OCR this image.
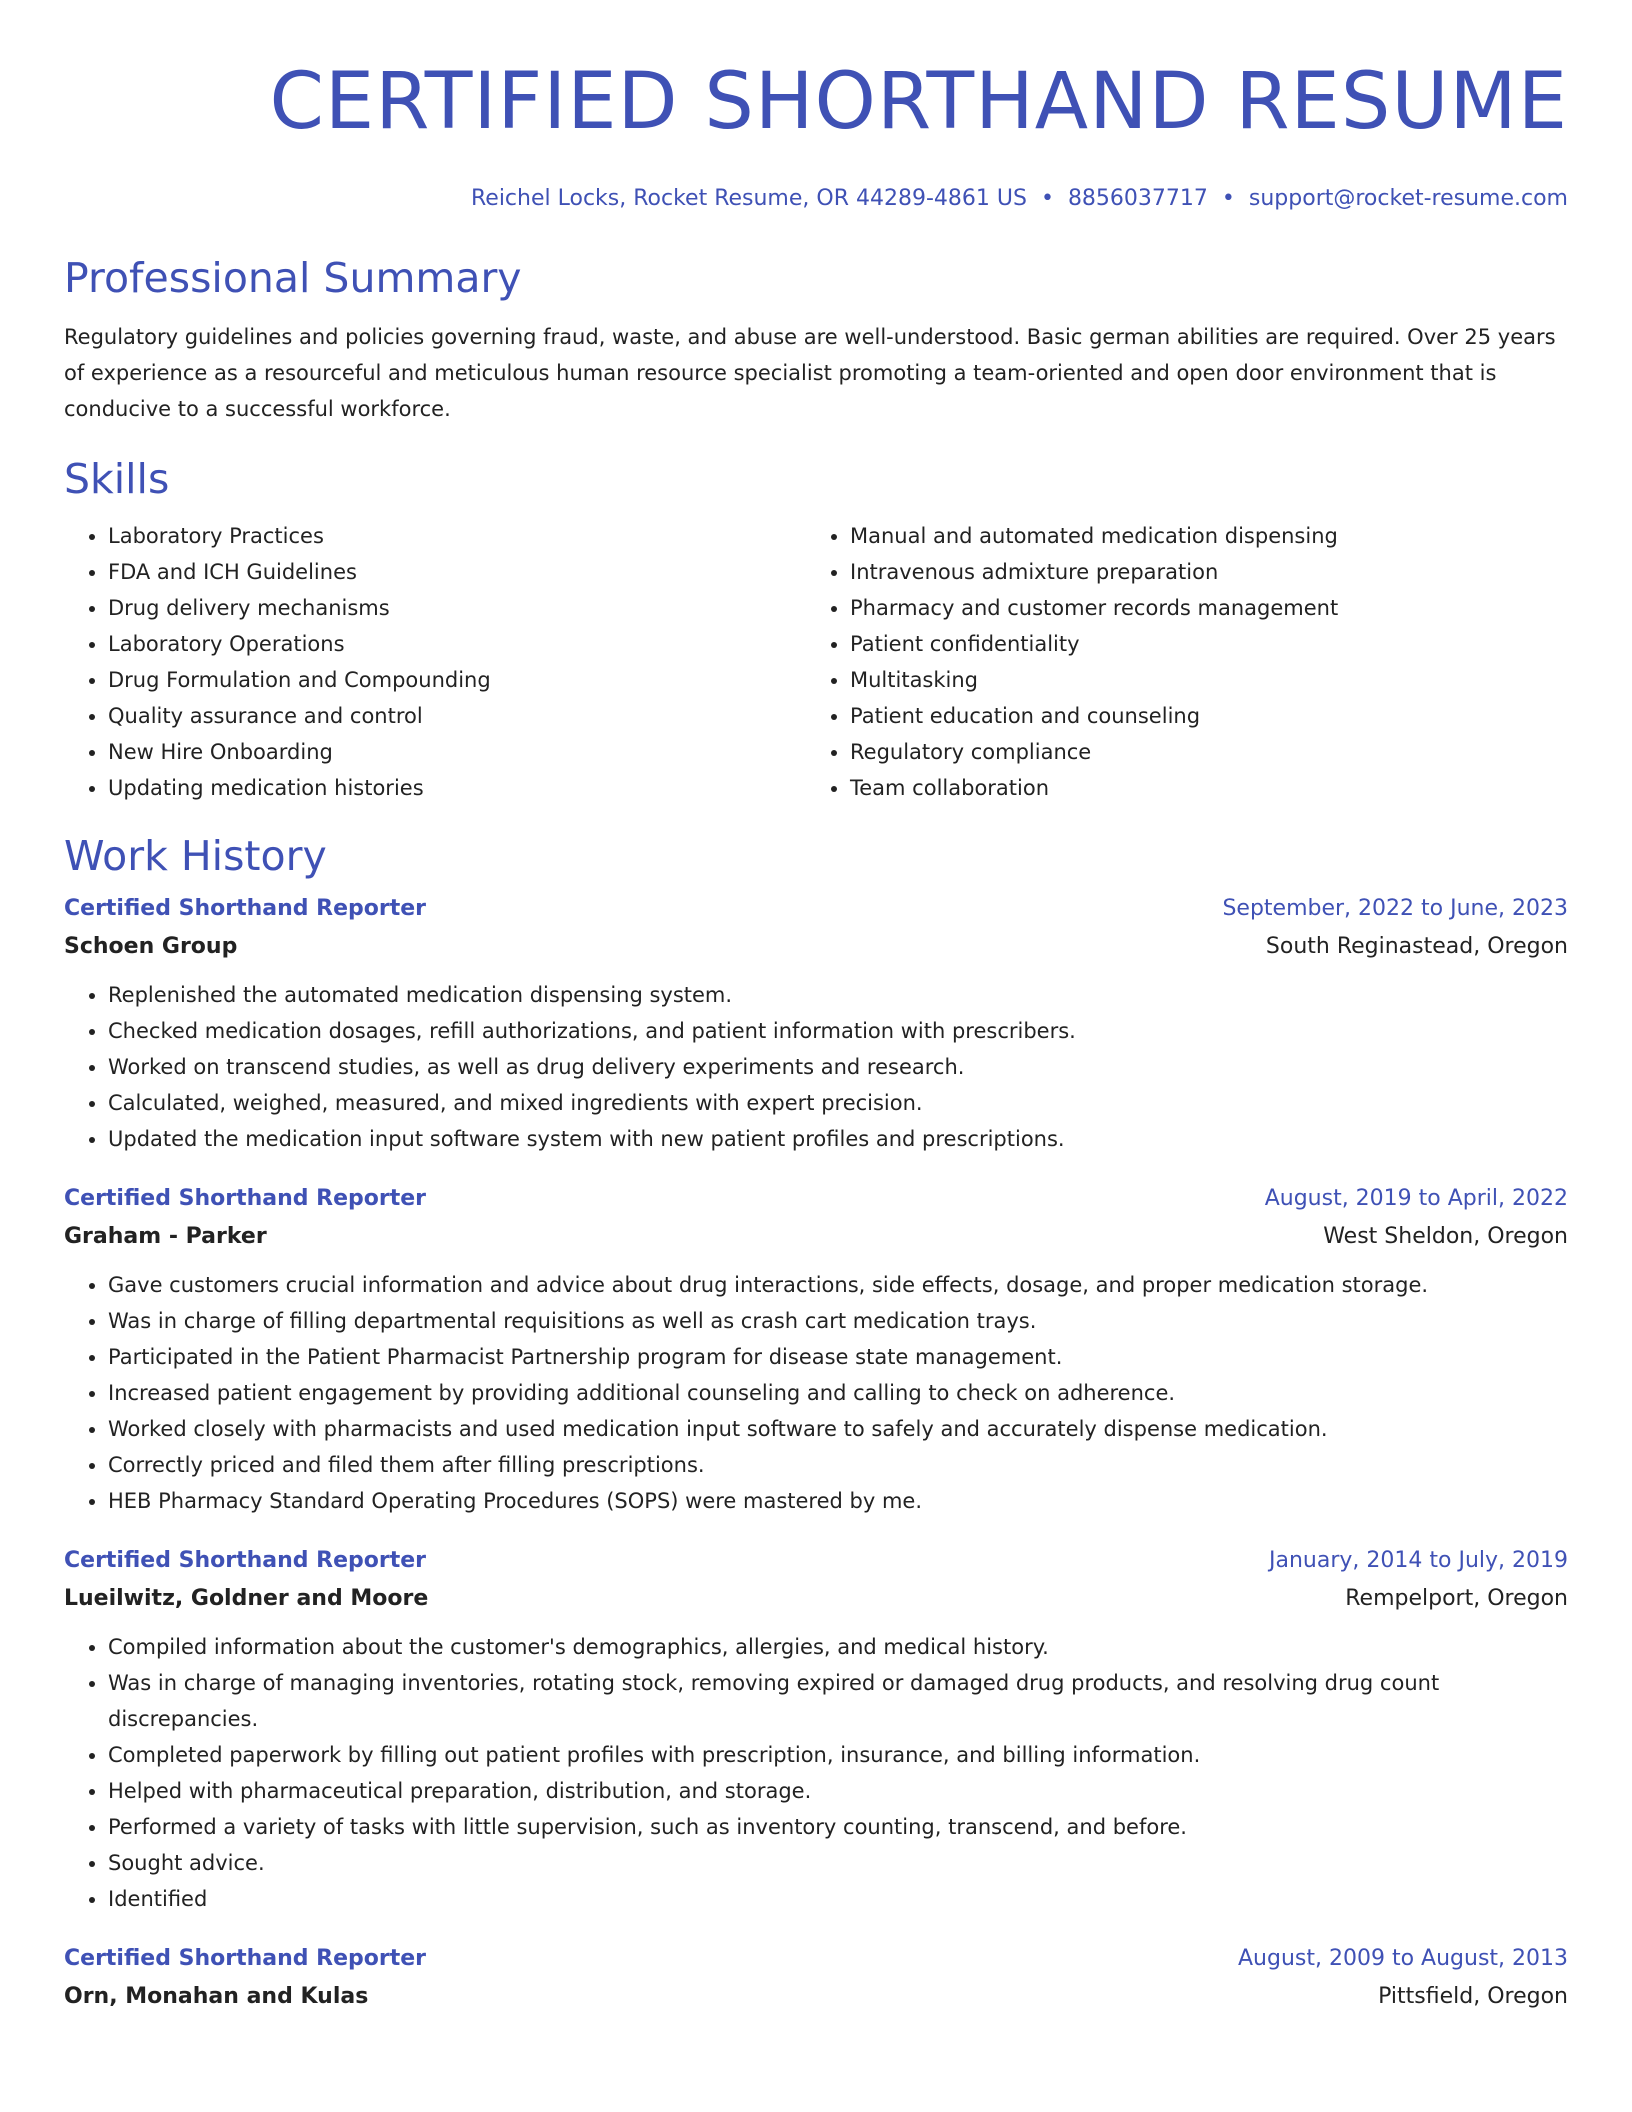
CERTIFIED SHORTHAND RESUME
Reichel Locks, Rocket Resume, OR 44289-4861 US • 8856037717 • support@rocket-resume.com
Professional Summary

Regulatory guidelines and policies governing fraud, waste, and abuse are well-understood. Basic german abilities are required. Over 25 years of experience as a resourceful and meticulous human resource specialist promoting a team-oriented and open door environment that is conducive to a successful workforce.

Skills
• Laboratory Practices
• FDA and ICH Guidelines
• Drug delivery mechanisms
• Laboratory Operations
• Drug Formulation and Compounding
• Quality assurance and control
• New Hire Onboarding
• Updating medication histories
• Manual and automated medication dispensing
• Intravenous admixture preparation
• Pharmacy and customer records management
• Patient confidentiality
• Multitasking
• Patient education and counseling
• Regulatory compliance
• Team collaboration
Work History
Certified Shorthand Reporter	September, 2022 to June, 2023
Schoen Group	South Reginastead, Oregon
• Replenished the automated medication dispensing system.
• Checked medication dosages, refill authorizations, and patient information with prescribers.
• Worked on transcend studies, as well as drug delivery experiments and research.
• Calculated, weighed, measured, and mixed ingredients with expert precision.
• Updated the medication input software system with new patient profiles and prescriptions.
Certified Shorthand Reporter	August, 2019 to April, 2022
Graham - Parker	West Sheldon, Oregon
• Gave customers crucial information and advice about drug interactions, side effects, dosage, and proper medication storage.
• Was in charge of filling departmental requisitions as well as crash cart medication trays.
• Participated in the Patient Pharmacist Partnership program for disease state management.
• Increased patient engagement by providing additional counseling and calling to check on adherence.
• Worked closely with pharmacists and used medication input software to safely and accurately dispense medication.
• Correctly priced and filed them after filling prescriptions.
• HEB Pharmacy Standard Operating Procedures (SOPS) were mastered by me.
Certified Shorthand Reporter	January, 2014 to July, 2019
Lueilwitz, Goldner and Moore	Rempelport, Oregon
• Compiled information about the customer's demographics, allergies, and medical history.
• Was in charge of managing inventories, rotating stock, removing expired or damaged drug products, and resolving drug count discrepancies.
• Completed paperwork by filling out patient profiles with prescription, insurance, and billing information.
• Helped with pharmaceutical preparation, distribution, and storage.
• Performed a variety of tasks with little supervision, such as inventory counting, transcend, and before.
• Sought advice.
• Identified
Certified Shorthand Reporter	August, 2009 to August, 2013
Orn, Monahan and Kulas	Pittsfield, Oregon
